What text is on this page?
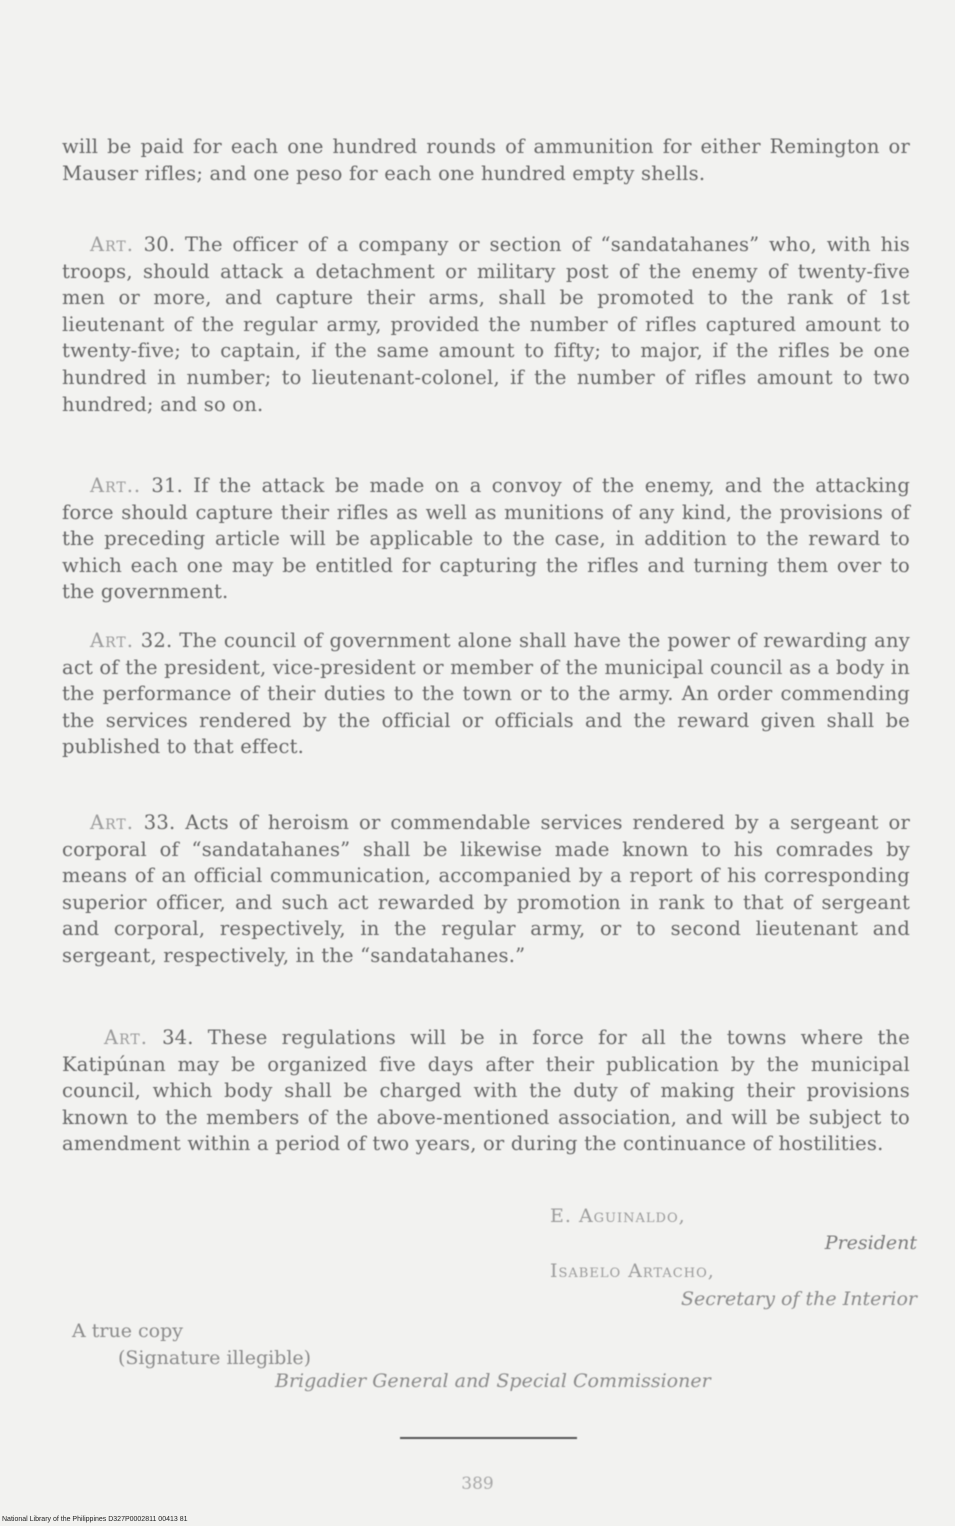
will be paid for each one hundred rounds of ammunition for either Remington or Mauser rifles; and one peso for each one hundred empty shells.
Art. 30. The officer of a company or section of “sandatahanes” who, with his troops, should attack a detachment or military post of the enemy of twenty-five men or more, and capture their arms, shall be promoted to the rank of 1st lieutenant of the regular army, provided the number of rifles captured amount to twenty-five; to captain, if the same amount to fifty; to major, if the rifles be one hundred in number; to lieutenant-colonel, if the number of rifles amount to two hundred; and so on.
Art.. 31. If the attack be made on a convoy of the enemy, and the attacking force should capture their rifles as well as munitions of any kind, the provisions of the preceding article will be applicable to the case, in addition to the reward to which each one may be entitled for capturing the rifles and turning them over to the government.
Art. 32. The council of government alone shall have the power of rewarding any act of the president, vice-president or member of the municipal council as a body in the performance of their duties to the town or to the army. An order commending the services rendered by the official or officials and the reward given shall be published to that effect.
Art. 33. Acts of heroism or commendable services rendered by a sergeant or corporal of “sandatahanes” shall be likewise made known to his comrades by means of an official communication, accompanied by a report of his corresponding superior officer, and such act rewarded by promotion in rank to that of sergeant and corporal, respectively, in the regular army, or to second lieutenant and sergeant, respectively, in the “sandatahanes.”
Art. 34. These regulations will be in force for all the towns where the Katipúnan may be organized five days after their publication by the municipal council, which body shall be charged with the duty of making their provisions known to the members of the above-mentioned association, and will be subject to amendment within a period of two years, or during the continuance of hostilities.
E. Aguinaldo,
President
Isabelo Artacho,
Secretary of the Interior
A true copy
(Signature illegible)
Brigadier General and Special Commissioner
389
National Library of the Philippines D327P0002811 00413 81
